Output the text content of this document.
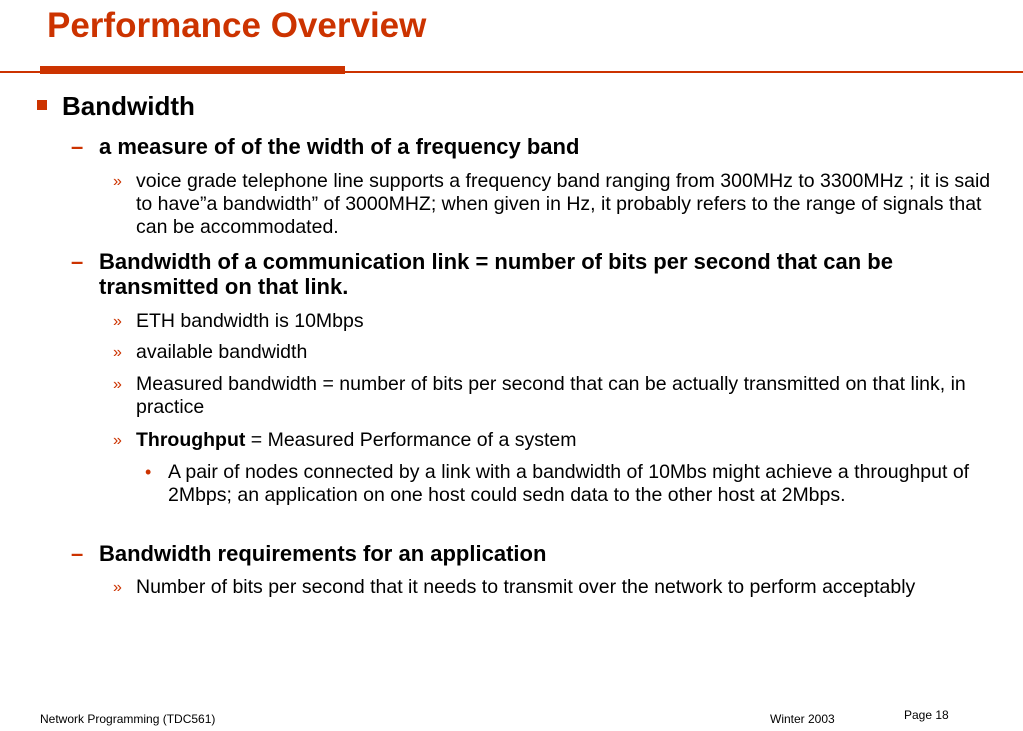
Performance Overview
Bandwidth
– a measure of of the width of a frequency band
» voice grade telephone line supports a frequency band ranging from 300MHz to 3300MHz ; it is said to have”a bandwidth” of 3000MHZ; when given in Hz, it probably refers to the range of signals that can be accommodated.
– Bandwidth of a communication link = number of bits per second that can be transmitted on that link.
» ETH bandwidth is 10Mbps
» available bandwidth
» Measured bandwidth = number of bits per second that can be actually transmitted on that link, in practice
» Throughput = Measured Performance of a system
• A pair of nodes connected by a link with a bandwidth of 10Mbs might achieve a throughput of 2Mbps; an application on one host could sedn data to the other host at 2Mbps.
– Bandwidth requirements for an application
» Number of bits per second that it needs to transmit over the network to perform acceptably
Network Programming (TDC561)	Winter 2003	Page 18
